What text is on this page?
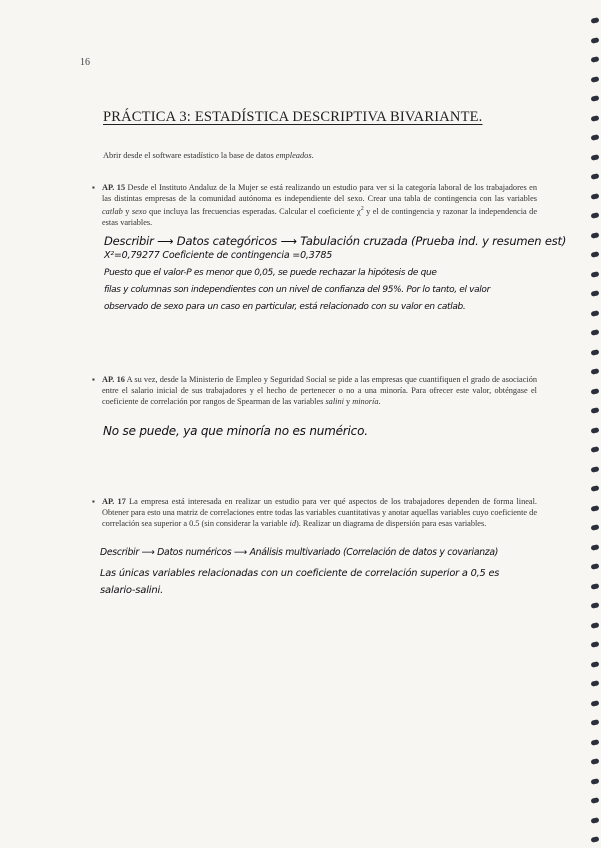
16
PRÁCTICA 3: ESTADÍSTICA DESCRIPTIVA BIVARIANTE.
Abrir desde el software estadístico la base de datos empleados.
▪ AP. 15 Desde el Instituto Andaluz de la Mujer se está realizando un estudio para ver si la categoría laboral de los trabajadores en las distintas empresas de la comunidad autónoma es independiente del sexo. Crear una tabla de contingencia con las variables catlab y sexo que incluya las frecuencias esperadas. Calcular el coeficiente $\chi^2$ y el de contingencia y razonar la independencia de estas variables.
Describir ⟶ Datos categóricos ⟶ Tabulación cruzada (Prueba ind. y resumen est)
X²=0,79277 Coeficiente de contingencia =0,3785
Puesto que el valor-P es menor que 0,05, se puede rechazar la hipótesis de que
filas y columnas son independientes con un nivel de confianza del 95%. Por lo tanto, el valor
observado de sexo para un caso en particular, está relacionado con su valor en catlab.
▪ AP. 16 A su vez, desde la Ministerio de Empleo y Seguridad Social se pide a las empresas que cuantifiquen el grado de asociación entre el salario inicial de sus trabajadores y el hecho de pertenecer o no a una minoría. Para ofrecer este valor, obténgase el coeficiente de correlación por rangos de Spearman de las variables salini y minoría.
No se puede, ya que minoría no es numérico.
▪ AP. 17 La empresa está interesada en realizar un estudio para ver qué aspectos de los trabajadores dependen de forma lineal. Obtener para esto una matriz de correlaciones entre todas las variables cuantitativas y anotar aquellas variables cuyo coeficiente de correlación sea superior a 0.5 (sin considerar la variable id). Realizar un diagrama de dispersión para esas variables.
Describir ⟶ Datos numéricos ⟶ Análisis multivariado (Correlación de datos y covarianza)
Las únicas variables relacionadas con un coeficiente de correlación superior a 0,5 es
salario-salini.
